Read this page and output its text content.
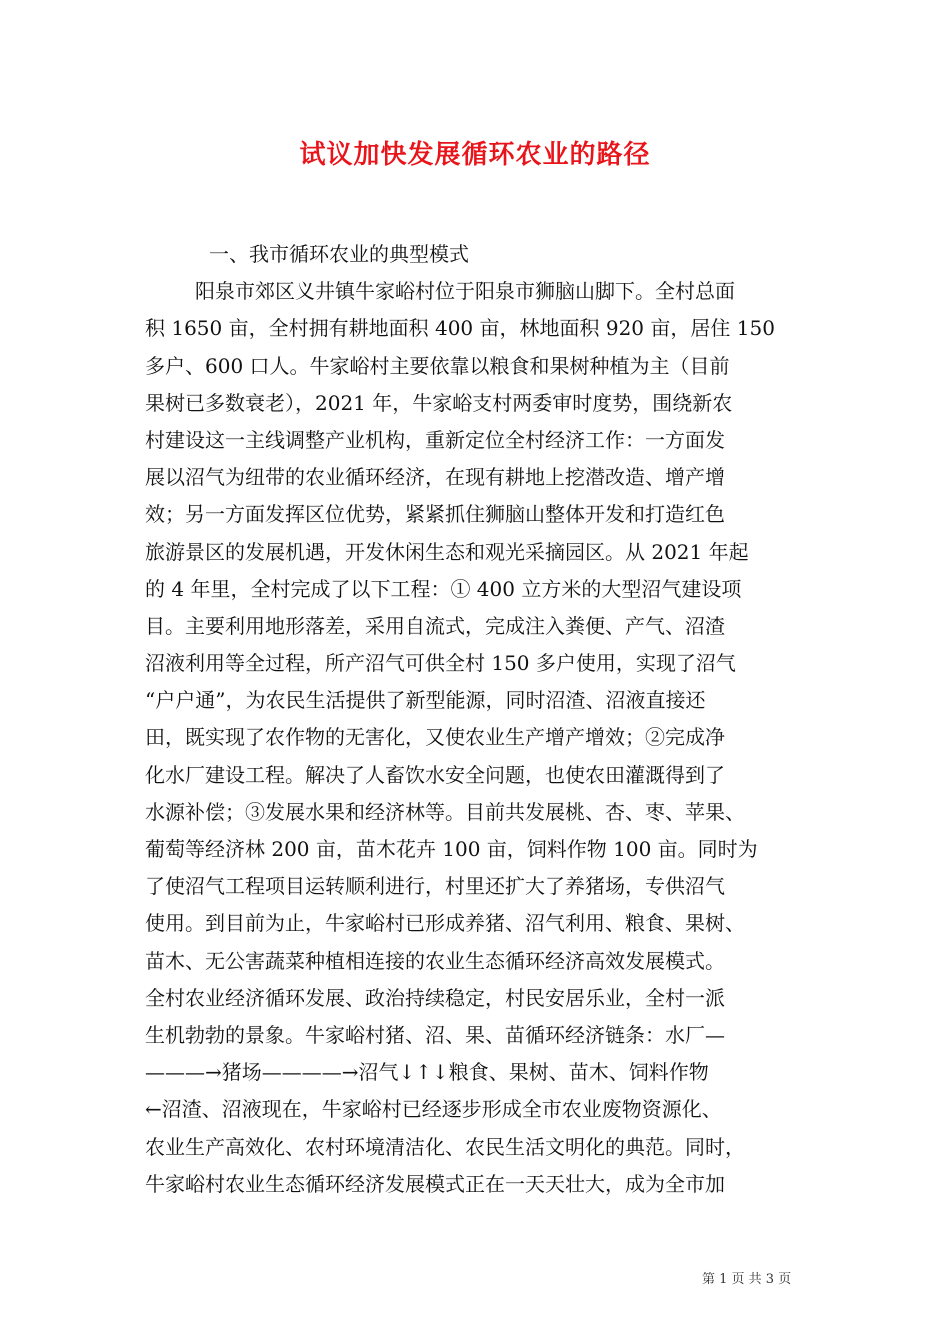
试议加快发展循环农业的路径
一、我市循环农业的典型模式
阳泉市郊区义井镇牛家峪村位于阳泉市狮脑山脚下。全村总面
积 1650 亩，全村拥有耕地面积 400 亩，林地面积 920 亩，居住 150
多户、600 口人。牛家峪村主要依靠以粮食和果树种植为主（目前
果树已多数衰老），2021 年，牛家峪支村两委审时度势，围绕新农
村建设这一主线调整产业机构，重新定位全村经济工作：一方面发
展以沼气为纽带的农业循环经济，在现有耕地上挖潜改造、增产增
效；另一方面发挥区位优势，紧紧抓住狮脑山整体开发和打造红色
旅游景区的发展机遇，开发休闲生态和观光采摘园区。从 2021 年起
的 4 年里，全村完成了以下工程：① 400 立方米的大型沼气建设项
目。主要利用地形落差，采用自流式，完成注入粪便、产气、沼渣
沼液利用等全过程，所产沼气可供全村 150 多户使用，实现了沼气
“户户通”，为农民生活提供了新型能源，同时沼渣、沼液直接还
田，既实现了农作物的无害化，又使农业生产增产增效；②完成净
化水厂建设工程。解决了人畜饮水安全问题，也使农田灌溉得到了
水源补偿；③发展水果和经济林等。目前共发展桃、杏、枣、苹果、
葡萄等经济林 200 亩，苗木花卉 100 亩，饲料作物 100 亩。同时为
了使沼气工程项目运转顺利进行，村里还扩大了养猪场，专供沼气
使用。到目前为止，牛家峪村已形成养猪、沼气利用、粮食、果树、
苗木、无公害蔬菜种植相连接的农业生态循环经济高效发展模式。
全村农业经济循环发展、政治持续稳定，村民安居乐业，全村一派
生机勃勃的景象。牛家峪村猪、沼、果、苗循环经济链条：水厂—
———→猪场————→沼气↓↑↓粮食、果树、苗木、饲料作物
←沼渣、沼液现在，牛家峪村已经逐步形成全市农业废物资源化、
农业生产高效化、农村环境清洁化、农民生活文明化的典范。同时，
牛家峪村农业生态循环经济发展模式正在一天天壮大，成为全市加
第 1 页 共 3 页
